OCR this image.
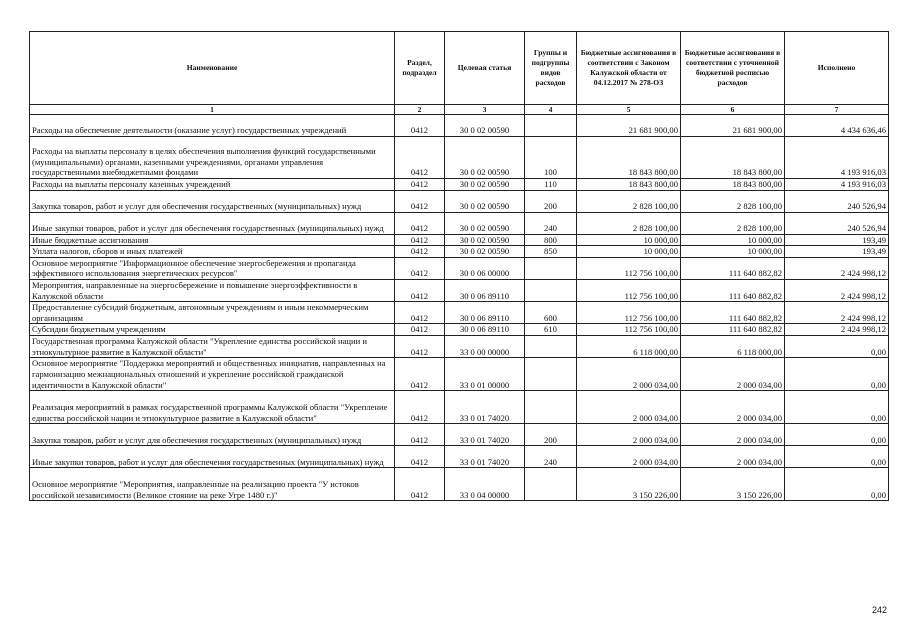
Наименование	Раздел, подраздел	Целевая статья	Группы и подгруппы видов расходов	Бюджетные ассигнования в соответствии с Законом Калужской области от 04.12.2017 № 278-ОЗ	Бюджетные ассигнования в соответствии с уточненной бюджетной росписью расходов	Исполнено
1	2	3	4	5	6	7
Расходы на обеспечение деятельности (оказание услуг) государственных учреждений	0412	30 0 02 00590		21 681 900,00	21 681 900,00	4 434 636,46
Расходы на выплаты персоналу в целях обеспечения выполнения функций государственными (муниципальными) органами, казенными учреждениями, органами управления государственными внебюджетными фондами	0412	30 0 02 00590	100	18 843 800,00	18 843 800,00	4 193 916,03
Расходы на выплаты персоналу казенных учреждений	0412	30 0 02 00590	110	18 843 800,00	18 843 800,00	4 193 916,03
Закупка товаров, работ и услуг для обеспечения государственных (муниципальных) нужд	0412	30 0 02 00590	200	2 828 100,00	2 828 100,00	240 526,94
Иные закупки товаров, работ и услуг для обеспечения государственных (муниципальных) нужд	0412	30 0 02 00590	240	2 828 100,00	2 828 100,00	240 526,94
Иные бюджетные ассигнования	0412	30 0 02 00590	800	10 000,00	10 000,00	193,49
Уплата налогов, сборов и иных платежей	0412	30 0 02 00590	850	10 000,00	10 000,00	193,49
Основное мероприятие "Информационное обеспечение энергосбережения и пропаганда эффективного использования энергетических ресурсов"	0412	30 0 06 00000		112 756 100,00	111 640 882,82	2 424 998,12
Мероприятия, направленные на энергосбережение и повышение энергоэффективности в Калужской области	0412	30 0 06 89110		112 756 100,00	111 640 882,82	2 424 998,12
Предоставление субсидий бюджетным, автономным учреждениям и иным некоммерческим организациям	0412	30 0 06 89110	600	112 756 100,00	111 640 882,82	2 424 998,12
Субсидии бюджетным учреждениям	0412	30 0 06 89110	610	112 756 100,00	111 640 882,82	2 424 998,12
Государственная программа Калужской области "Укрепление единства российской нации и этнокультурное развитие в Калужской области"	0412	33 0 00 00000		6 118 000,00	6 118 000,00	0,00
Основное мероприятие "Поддержка мероприятий и общественных инициатив, направленных на гармонизацию межнациональных отношений и укрепление российской гражданской идентичности в Калужской области"	0412	33 0 01 00000		2 000 034,00	2 000 034,00	0,00
Реализация мероприятий в рамках государственной программы Калужской области "Укрепление единства российской нации и этнокультурное развитие в Калужской области"	0412	33 0 01 74020		2 000 034,00	2 000 034,00	0,00
Закупка товаров, работ и услуг для обеспечения государственных (муниципальных) нужд	0412	33 0 01 74020	200	2 000 034,00	2 000 034,00	0,00
Иные закупки товаров, работ и услуг для обеспечения государственных (муниципальных) нужд	0412	33 0 01 74020	240	2 000 034,00	2 000 034,00	0,00
Основное мероприятие "Мероприятия, направленные на реализацию проекта "У истоков российской независимости (Великое стояние на реке Угре 1480 г.)"	0412	33 0 04 00000		3 150 226,00	3 150 226,00	0,00
242
